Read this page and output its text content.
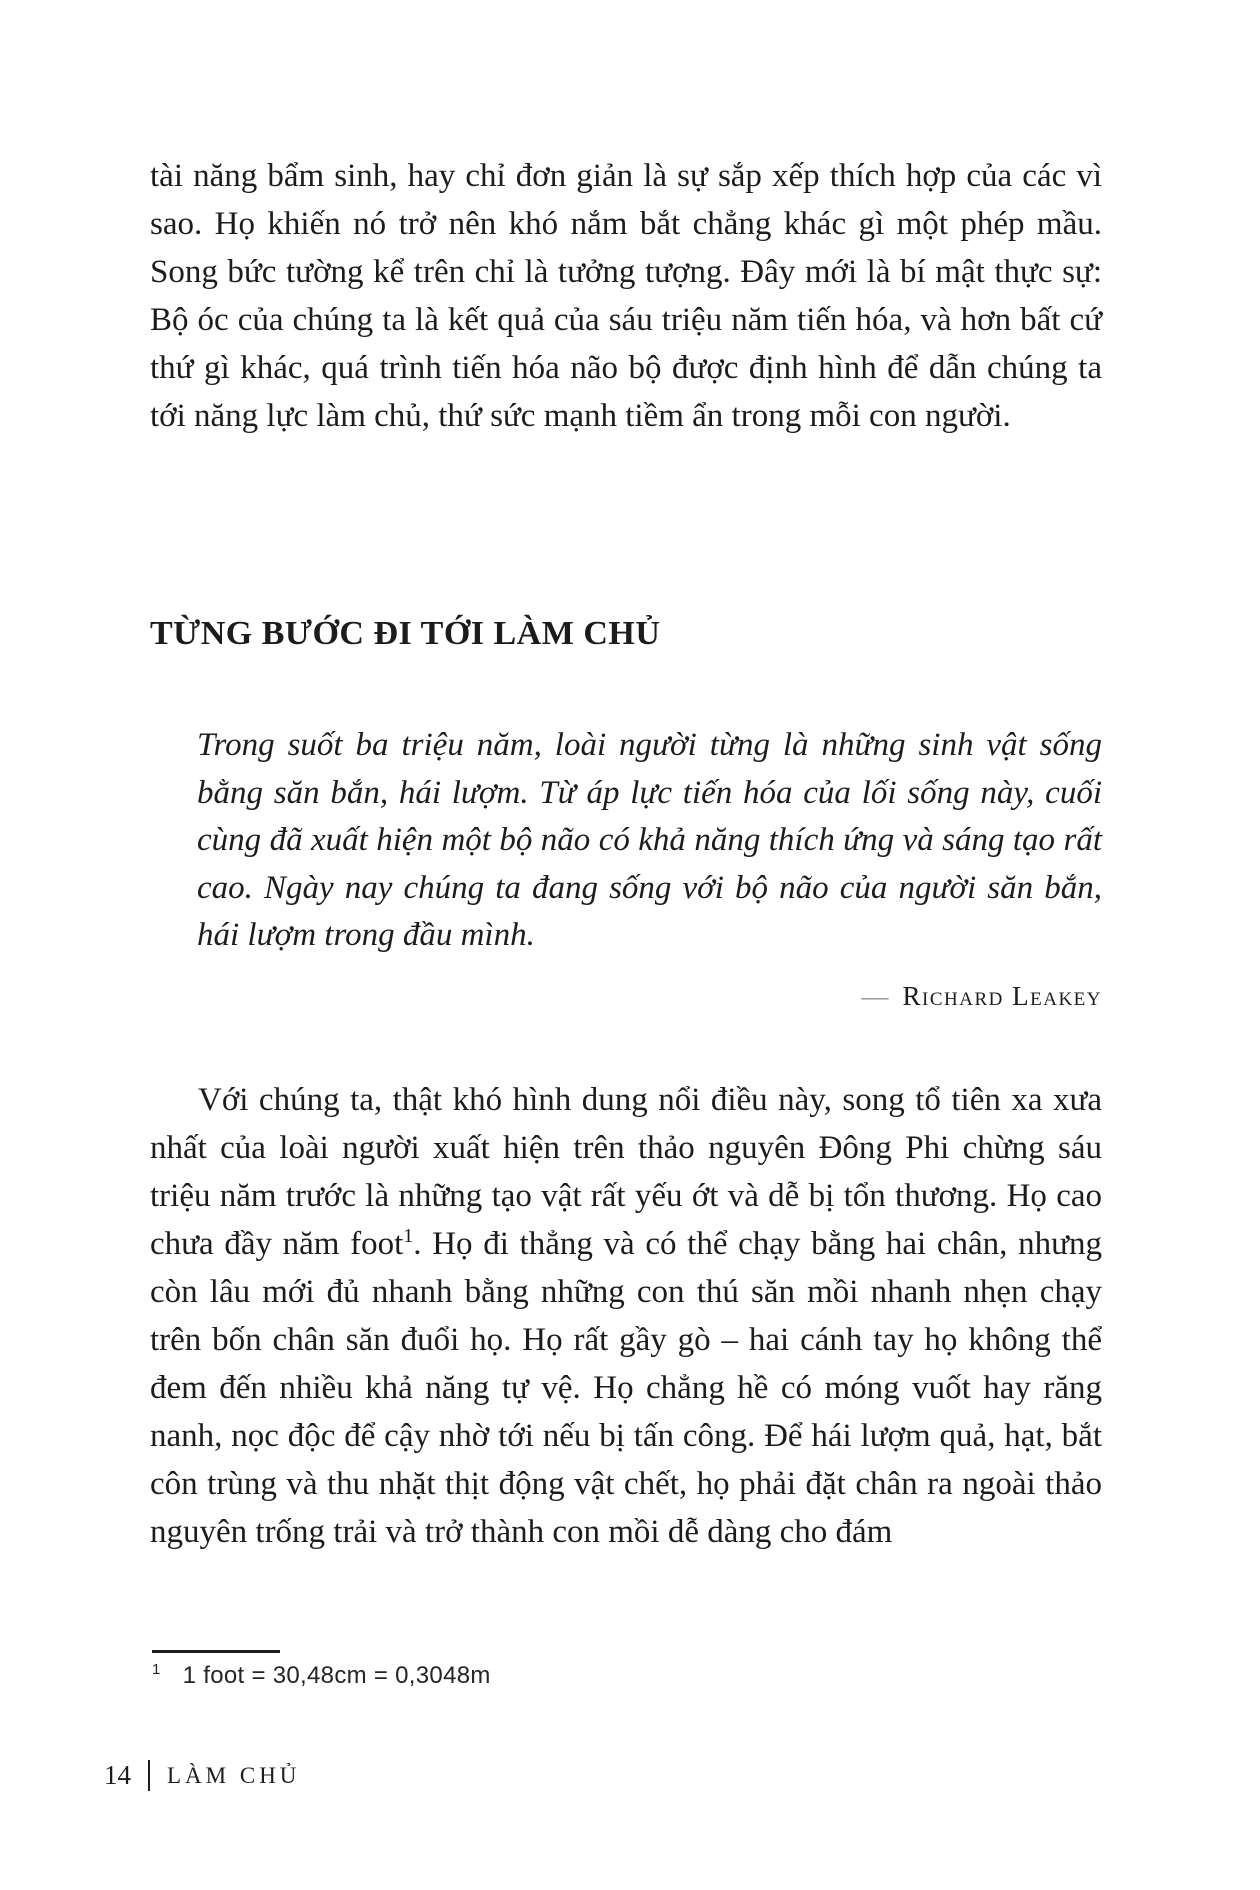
tài năng bẩm sinh, hay chỉ đơn giản là sự sắp xếp thích hợp của các vì sao. Họ khiến nó trở nên khó nắm bắt chẳng khác gì một phép mầu. Song bức tường kể trên chỉ là tưởng tượng. Đây mới là bí mật thực sự: Bộ óc của chúng ta là kết quả của sáu triệu năm tiến hóa, và hơn bất cứ thứ gì khác, quá trình tiến hóa não bộ được định hình để dẫn chúng ta tới năng lực làm chủ, thứ sức mạnh tiềm ẩn trong mỗi con người.

TỪNG BƯỚC ĐI TỚI LÀM CHỦ
Trong suốt ba triệu năm, loài người từng là những sinh vật sống bằng săn bắn, hái lượm. Từ áp lực tiến hóa của lối sống này, cuối cùng đã xuất hiện một bộ não có khả năng thích ứng và sáng tạo rất cao. Ngày nay chúng ta đang sống với bộ não của người săn bắn, hái lượm trong đầu mình.
— Richard Leakey

Với chúng ta, thật khó hình dung nổi điều này, song tổ tiên xa xưa nhất của loài người xuất hiện trên thảo nguyên Đông Phi chừng sáu triệu năm trước là những tạo vật rất yếu ớt và dễ bị tổn thương. Họ cao chưa đầy năm foot$^1$. Họ đi thẳng và có thể chạy bằng hai chân, nhưng còn lâu mới đủ nhanh bằng những con thú săn mồi nhanh nhẹn chạy trên bốn chân săn đuổi họ. Họ rất gầy gò – hai cánh tay họ không thể đem đến nhiều khả năng tự vệ. Họ chẳng hề có móng vuốt hay răng nanh, nọc độc để cậy nhờ tới nếu bị tấn công. Để hái lượm quả, hạt, bắt côn trùng và thu nhặt thịt động vật chết, họ phải đặt chân ra ngoài thảo nguyên trống trải và trở thành con mồi dễ dàng cho đám

$^1$ 1 foot = 30,48cm = 0,3048m
14 LÀM CHỦ
